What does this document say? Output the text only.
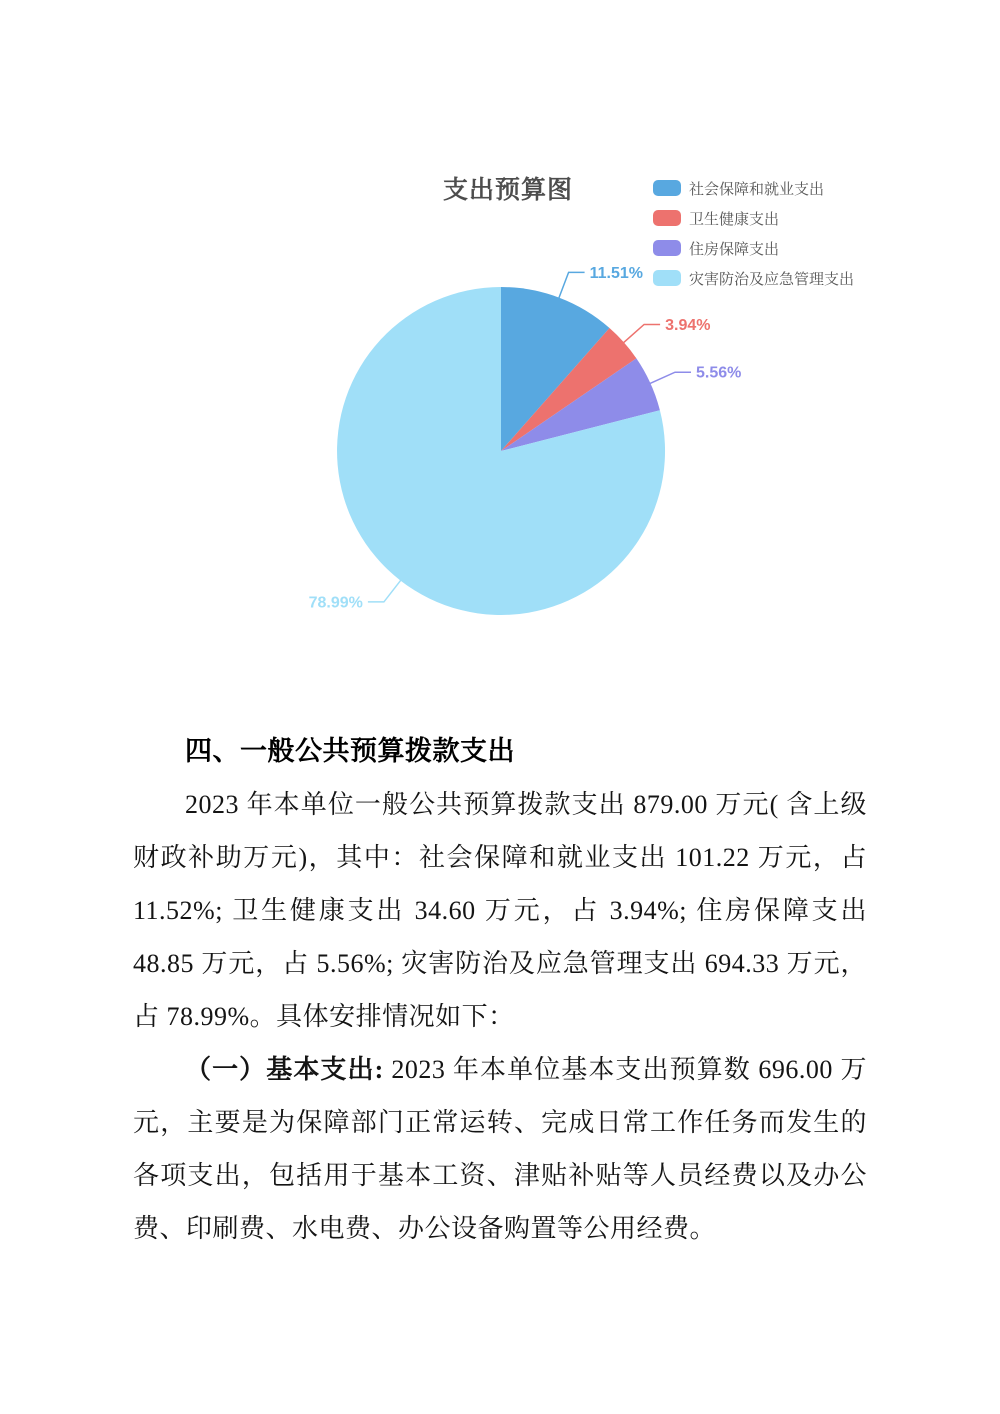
支出预算图
11.51%
3.94%
5.56%
78.99%
社会保障和就业支出
卫生健康支出
住房保障支出
灾害防治及应急管理支出
四、一般公共预算拨款支出
2023 年本单位一般公共预算拨款支出 879.00 万元( 含上级
财政补助万元)，其中：社会保障和就业支出 101.22 万元，占
11.52%; 卫生健康支出 34.60 万元，占 3.94%; 住房保障支出
48.85 万元，占 5.56%; 灾害防治及应急管理支出 694.33 万元，
占 78.99%。具体安排情况如下：
（一）基本支出: 2023 年本单位基本支出预算数 696.00 万
元，主要是为保障部门正常运转、完成日常工作任务而发生的
各项支出，包括用于基本工资、津贴补贴等人员经费以及办公
费、印刷费、水电费、办公设备购置等公用经费。
